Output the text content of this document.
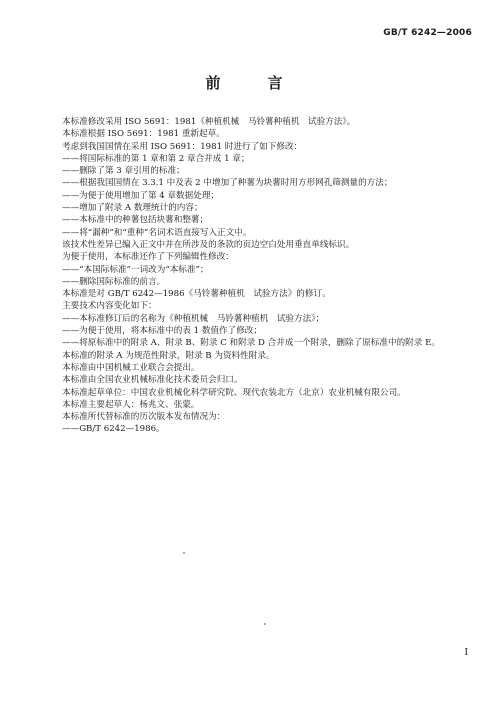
GB/T 6242—2006
前　言
本标准修改采用 ISO 5691：1981《种植机械　马铃薯种植机　试验方法》。
本标准根据 ISO 5691：1981 重新起草。
考虑到我国国情在采用 ISO 5691：1981 时进行了如下修改：
——将国际标准的第 1 章和第 2 章合并成 1 章；
——删除了第 3 章引用的标准；
——根据我国国情在 3.3.1 中及表 2 中增加了种薯为块薯时用方形网孔筛测量的方法；
——为便于使用增加了第 4 章数据处理；
——增加了附录 A 数理统计的内容；
——本标准中的种薯包括块薯和整薯；
——将“漏种”和“重种”名词术语直接写入正文中。
该技术性差异已编入正文中并在所涉及的条款的页边空白处用垂直单线标识。
为便于使用，本标准还作了下列编辑性修改：
——“本国际标准”一词改为“本标准”；
——删除国际标准的前言。
本标准是对 GB/T 6242—1986《马铃薯种植机　试验方法》的修订。
主要技术内容变化如下：
——本标准修订后的名称为《种植机械　马铃薯种植机　试验方法》；
——为便于使用，将本标准中的表 1 数值作了修改；
——将原标准中的附录 A、附录 B、附录 C 和附录 D 合并成一个附录，删除了原标准中的附录 E。
本标准的附录 A 为规范性附录，附录 B 为资料性附录。
本标准由中国机械工业联合会提出。
本标准由全国农业机械标准化技术委员会归口。
本标准起草单位：中国农业机械化科学研究院、现代农装北方（北京）农业机械有限公司。
本标准主要起草人：杨兆文、张蒙。
本标准所代替标准的历次版本发布情况为：
——GB/T 6242—1986。
I
